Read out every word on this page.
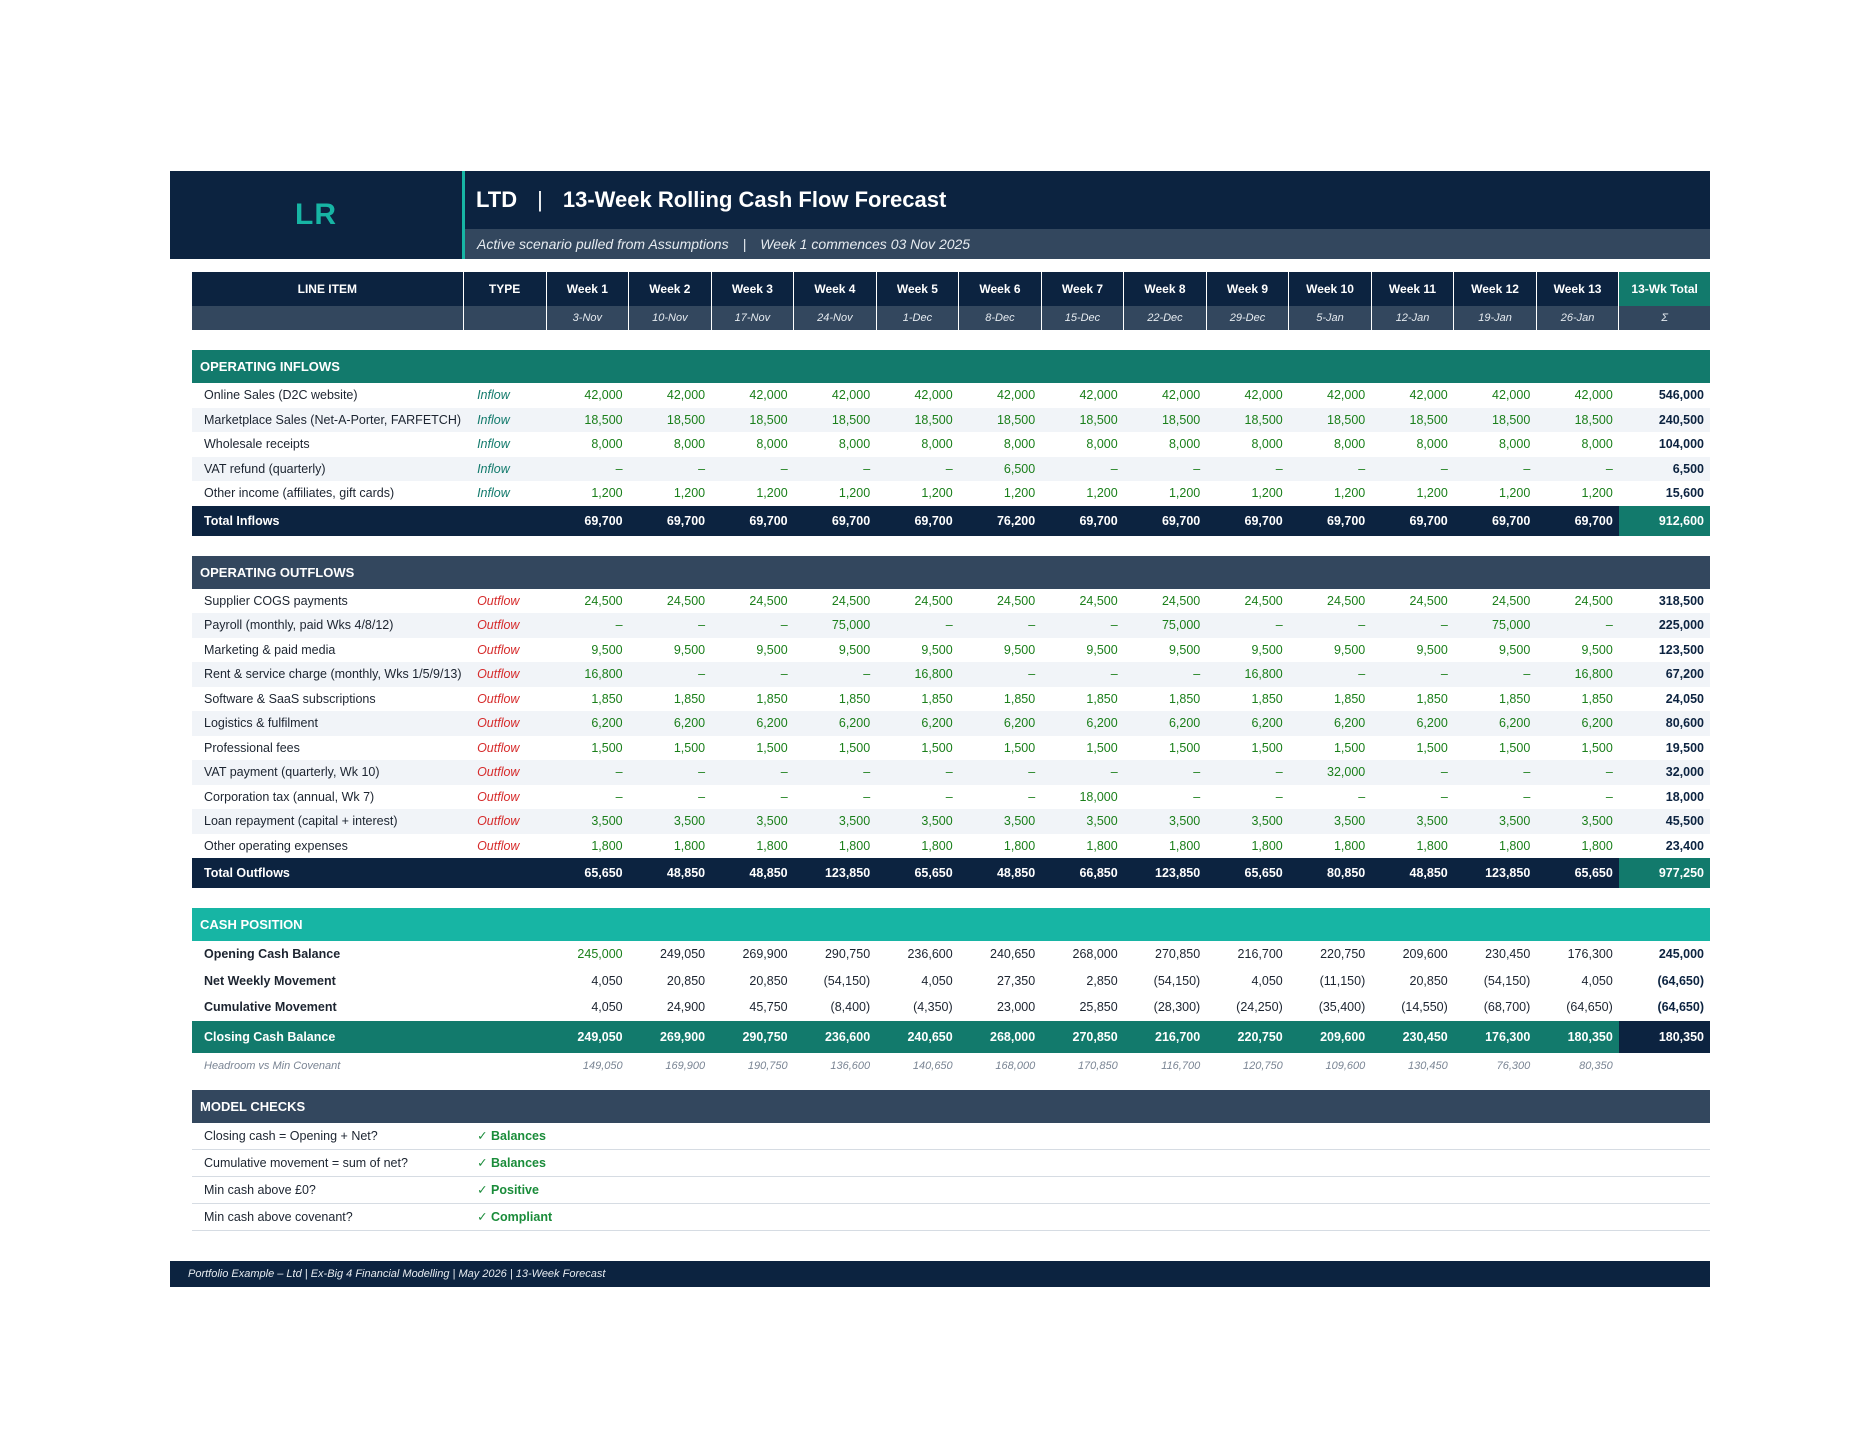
LR	LTD | 13-Week Rolling Cash Flow Forecast
Active scenario pulled from Assumptions | Week 1 commences 03 Nov 2025
LINE ITEM	TYPE	Week 1	Week 2	Week 3	Week 4	Week 5	Week 6	Week 7	Week 8	Week 9	Week 10	Week 11	Week 12	Week 13	13-Wk Total
		3-Nov	10-Nov	17-Nov	24-Nov	1-Dec	8-Dec	15-Dec	22-Dec	29-Dec	5-Jan	12-Jan	19-Jan	26-Jan	Σ

OPERATING INFLOWS															
Online Sales (D2C website)	Inflow	42,000	42,000	42,000	42,000	42,000	42,000	42,000	42,000	42,000	42,000	42,000	42,000	42,000	546,000
Marketplace Sales (Net-A-Porter, FARFETCH)	Inflow	18,500	18,500	18,500	18,500	18,500	18,500	18,500	18,500	18,500	18,500	18,500	18,500	18,500	240,500
Wholesale receipts	Inflow	8,000	8,000	8,000	8,000	8,000	8,000	8,000	8,000	8,000	8,000	8,000	8,000	8,000	104,000
VAT refund (quarterly)	Inflow	–	–	–	–	–	6,500	–	–	–	–	–	–	–	6,500
Other income (affiliates, gift cards)	Inflow	1,200	1,200	1,200	1,200	1,200	1,200	1,200	1,200	1,200	1,200	1,200	1,200	1,200	15,600
Total Inflows		69,700	69,700	69,700	69,700	69,700	76,200	69,700	69,700	69,700	69,700	69,700	69,700	69,700	912,600

OPERATING OUTFLOWS															
Supplier COGS payments	Outflow	24,500	24,500	24,500	24,500	24,500	24,500	24,500	24,500	24,500	24,500	24,500	24,500	24,500	318,500
Payroll (monthly, paid Wks 4/8/12)	Outflow	–	–	–	75,000	–	–	–	75,000	–	–	–	75,000	–	225,000
Marketing & paid media	Outflow	9,500	9,500	9,500	9,500	9,500	9,500	9,500	9,500	9,500	9,500	9,500	9,500	9,500	123,500
Rent & service charge (monthly, Wks 1/5/9/13)	Outflow	16,800	–	–	–	16,800	–	–	–	16,800	–	–	–	16,800	67,200
Software & SaaS subscriptions	Outflow	1,850	1,850	1,850	1,850	1,850	1,850	1,850	1,850	1,850	1,850	1,850	1,850	1,850	24,050
Logistics & fulfilment	Outflow	6,200	6,200	6,200	6,200	6,200	6,200	6,200	6,200	6,200	6,200	6,200	6,200	6,200	80,600
Professional fees	Outflow	1,500	1,500	1,500	1,500	1,500	1,500	1,500	1,500	1,500	1,500	1,500	1,500	1,500	19,500
VAT payment (quarterly, Wk 10)	Outflow	–	–	–	–	–	–	–	–	–	32,000	–	–	–	32,000
Corporation tax (annual, Wk 7)	Outflow	–	–	–	–	–	–	18,000	–	–	–	–	–	–	18,000
Loan repayment (capital + interest)	Outflow	3,500	3,500	3,500	3,500	3,500	3,500	3,500	3,500	3,500	3,500	3,500	3,500	3,500	45,500
Other operating expenses	Outflow	1,800	1,800	1,800	1,800	1,800	1,800	1,800	1,800	1,800	1,800	1,800	1,800	1,800	23,400
Total Outflows		65,650	48,850	48,850	123,850	65,650	48,850	66,850	123,850	65,650	80,850	48,850	123,850	65,650	977,250

CASH POSITION															
Opening Cash Balance		245,000	249,050	269,900	290,750	236,600	240,650	268,000	270,850	216,700	220,750	209,600	230,450	176,300	245,000
Net Weekly Movement		4,050	20,850	20,850	(54,150)	4,050	27,350	2,850	(54,150)	4,050	(11,150)	20,850	(54,150)	4,050	(64,650)
Cumulative Movement		4,050	24,900	45,750	(8,400)	(4,350)	23,000	25,850	(28,300)	(24,250)	(35,400)	(14,550)	(68,700)	(64,650)	(64,650)
Closing Cash Balance		249,050	269,900	290,750	236,600	240,650	268,000	270,850	216,700	220,750	209,600	230,450	176,300	180,350	180,350
Headroom vs Min Covenant		149,050	169,900	190,750	136,600	140,650	168,000	170,850	116,700	120,750	109,600	130,450	76,300	80,350	

MODEL CHECKS															
Closing cash = Opening + Net?	✓ Balances														
Cumulative movement = sum of net?	✓ Balances														
Min cash above £0?	✓ Positive														
Min cash above covenant?	✓ Compliant														
Portfolio Example – Ltd | Ex-Big 4 Financial Modelling | May 2026 | 13-Week Forecast
